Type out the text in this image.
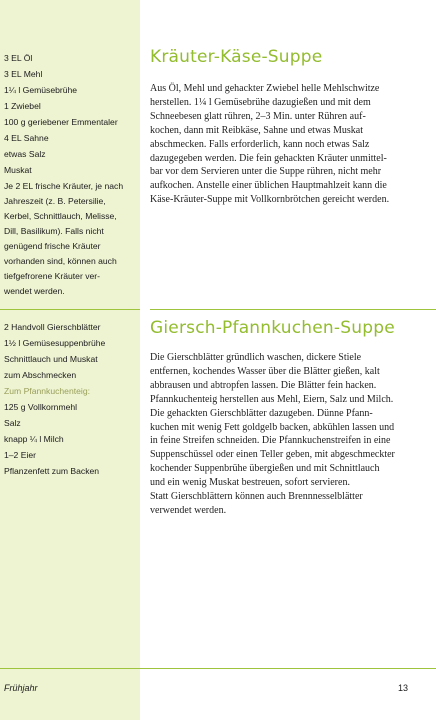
3 EL Öl
3 EL Mehl
1¼ l Gemüsebrühe
1 Zwiebel
100 g geriebener Emmentaler
4 EL Sahne
etwas Salz
Muskat
Je 2 EL frische Kräuter, je nach
Jahreszeit (z. B. Petersilie,
Kerbel, Schnittlauch, Melisse,
Dill, Basilikum). Falls nicht
genügend frische Kräuter
vorhanden sind, können auch
tiefgefrorene Kräuter ver-
wendet werden.
Kräuter-Käse-Suppe

Aus Öl, Mehl und gehackter Zwiebel helle Mehlschwitze
herstellen. 1¼ l Gemüsebrühe dazugießen und mit dem
Schneebesen glatt rühren, 2–3 Min. unter Rühren auf-
kochen, dann mit Reibkäse, Sahne und etwas Muskat
abschmecken. Falls erforderlich, kann noch etwas Salz
dazugegeben werden. Die fein gehackten Kräuter unmittel-
bar vor dem Servieren unter die Suppe rühren, nicht mehr
aufkochen. Anstelle einer üblichen Hauptmahlzeit kann die
Käse-Kräuter-Suppe mit Vollkornbrötchen gereicht werden.

2 Handvoll Gierschblätter
1½ l Gemüsesuppenbrühe
Schnittlauch und Muskat
zum Abschmecken
Zum Pfannkuchenteig:
125 g Vollkornmehl
Salz
knapp ¼ l Milch
1–2 Eier
Pflanzenfett zum Backen
Giersch-Pfannkuchen-Suppe

Die Gierschblätter gründlich waschen, dickere Stiele
entfernen, kochendes Wasser über die Blätter gießen, kalt
abbrausen und abtropfen lassen. Die Blätter fein hacken.
Pfannkuchenteig herstellen aus Mehl, Eiern, Salz und Milch.
Die gehackten Gierschblätter dazugeben. Dünne Pfann-
kuchen mit wenig Fett goldgelb backen, abkühlen lassen und
in feine Streifen schneiden. Die Pfannkuchenstreifen in eine
Suppenschüssel oder einen Teller geben, mit abgeschmeckter
kochender Suppenbrühe übergießen und mit Schnittlauch
und ein wenig Muskat bestreuen, sofort servieren.
Statt Gierschblättern können auch Brennnesselblätter
verwendet werden.

Frühjahr	13
